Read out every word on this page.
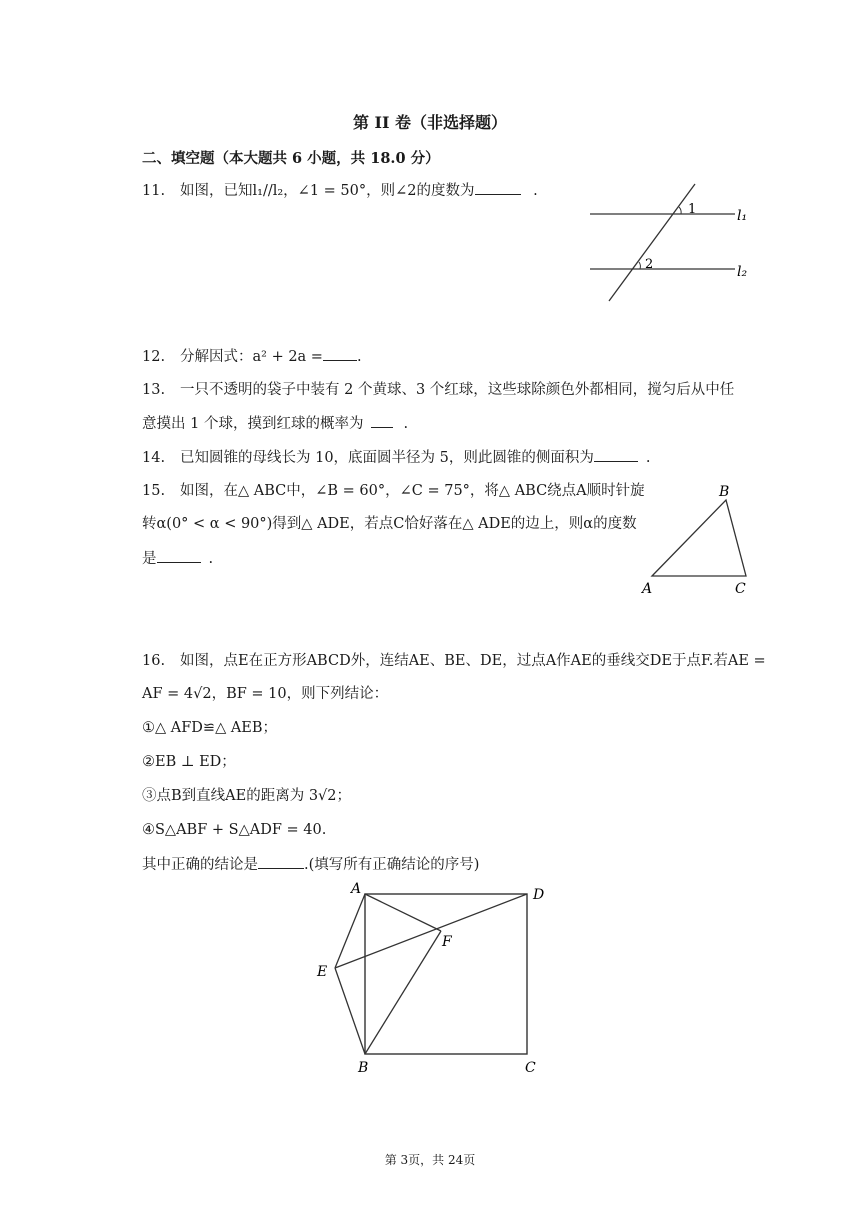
第 II 卷（非选择题）
二、填空题（本大题共 6 小题，共 18.0 分）
11. 如图，已知l₁//l₂，∠1 = 50°，则∠2的度数为	.
1
2
l₁
l₂
12. 分解因式：a² + 2a = .
13. 一只不透明的袋子中装有 2 个黄球、3 个红球，这些球除颜色外都相同，搅匀后从中任
意摸出 1 个球，摸到红球的概率为	.
14. 已知圆锥的母线长为 10，底面圆半径为 5，则此圆锥的侧面积为	.
15. 如图，在△ ABC中，∠B = 60°，∠C = 75°，将△ ABC绕点A顺时针旋
转α(0° < α < 90°)得到△ ADE，若点C恰好落在△ ADE的边上，则α的度数
是	.
A
B
C
16. 如图，点E在正方形ABCD外，连结AE、BE、DE，过点A作AE的垂线交DE于点F.若AE =
AF = 4√2，BF = 10，则下列结论：
①△ AFD≌△ AEB；
②EB ⊥ ED；
③点B到直线AE的距离为 3√2；
④S△ABF + S△ADF = 40.
其中正确的结论是	.(填写所有正确结论的序号)
A	D
F
E
B	C
第 3页，共 24页
